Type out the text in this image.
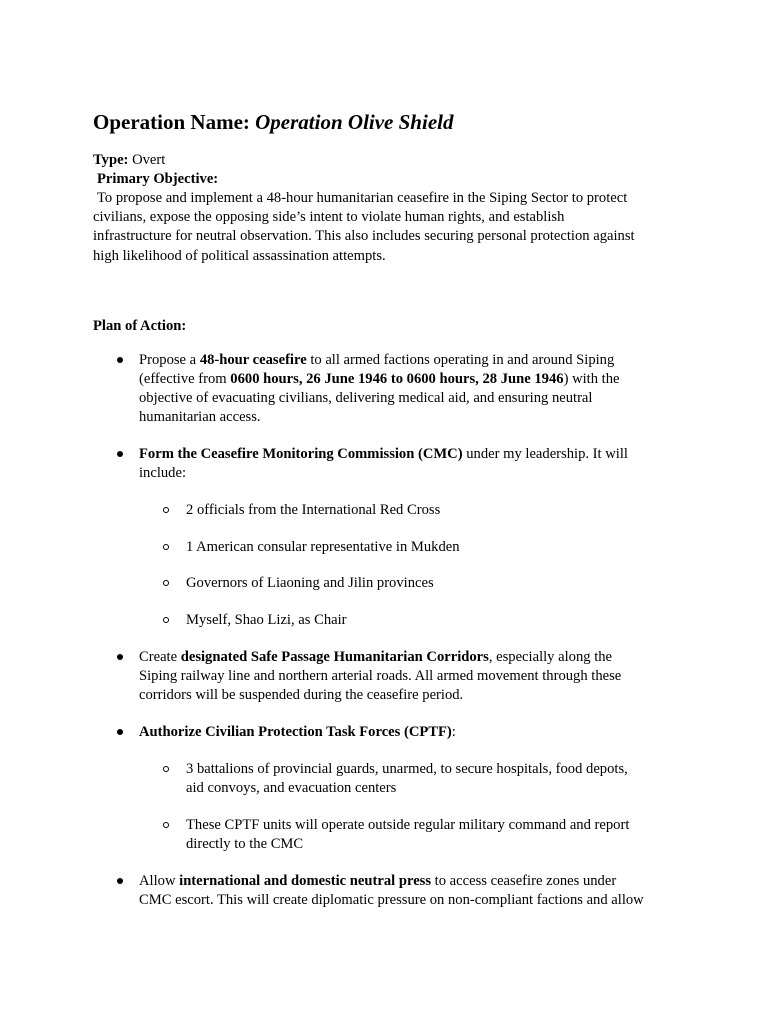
Operation Name: Operation Olive Shield
Type: Overt
Primary Objective:
To propose and implement a 48-hour humanitarian ceasefire in the Siping Sector to protect
civilians, expose the opposing side’s intent to violate human rights, and establish
infrastructure for neutral observation. This also includes securing personal protection against
high likelihood of political assassination attempts.
Plan of Action:
Propose a 48-hour ceasefire to all armed factions operating in and around Siping
(effective from 0600 hours, 26 June 1946 to 0600 hours, 28 June 1946) with the
objective of evacuating civilians, delivering medical aid, and ensuring neutral
humanitarian access.
Form the Ceasefire Monitoring Commission (CMC) under my leadership. It will
include:
2 officials from the International Red Cross
1 American consular representative in Mukden
Governors of Liaoning and Jilin provinces
Myself, Shao Lizi, as Chair
Create designated Safe Passage Humanitarian Corridors, especially along the
Siping railway line and northern arterial roads. All armed movement through these
corridors will be suspended during the ceasefire period.
Authorize Civilian Protection Task Forces (CPTF):
3 battalions of provincial guards, unarmed, to secure hospitals, food depots,
aid convoys, and evacuation centers
These CPTF units will operate outside regular military command and report
directly to the CMC
Allow international and domestic neutral press to access ceasefire zones under
CMC escort. This will create diplomatic pressure on non-compliant factions and allow
